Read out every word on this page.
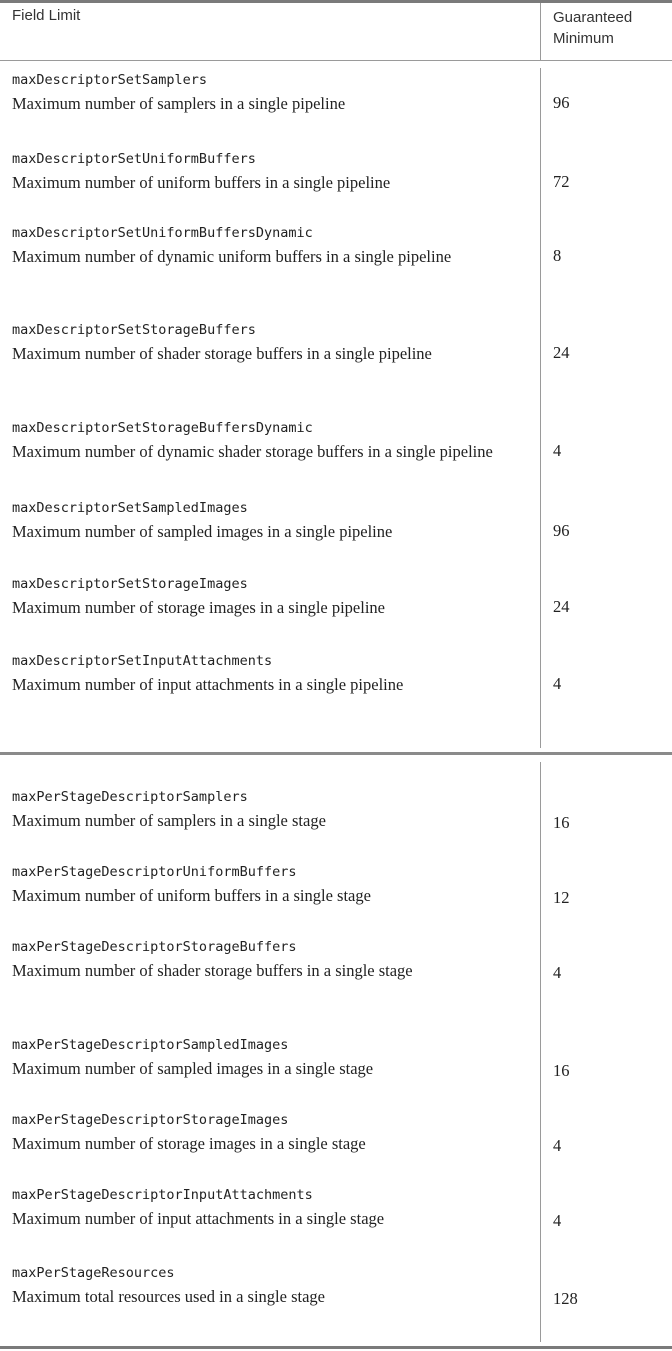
Field Limit	Guaranteed Minimum
maxDescriptorSetSamplers
Maximum number of samplers in a single pipeline	96
maxDescriptorSetUniformBuffers
Maximum number of uniform buffers in a single pipeline	72
maxDescriptorSetUniformBuffersDynamic
Maximum number of dynamic uniform buffers in a single pipeline	8
maxDescriptorSetStorageBuffers
Maximum number of shader storage buffers in a single pipeline	24
maxDescriptorSetStorageBuffersDynamic
Maximum number of dynamic shader storage buffers in a single pipeline	4
maxDescriptorSetSampledImages
Maximum number of sampled images in a single pipeline	96
maxDescriptorSetStorageImages
Maximum number of storage images in a single pipeline	24
maxDescriptorSetInputAttachments
Maximum number of input attachments in a single pipeline	4
maxPerStageDescriptorSamplers
Maximum number of samplers in a single stage	16
maxPerStageDescriptorUniformBuffers
Maximum number of uniform buffers in a single stage	12
maxPerStageDescriptorStorageBuffers
Maximum number of shader storage buffers in a single stage	4
maxPerStageDescriptorSampledImages
Maximum number of sampled images in a single stage	16
maxPerStageDescriptorStorageImages
Maximum number of storage images in a single stage	4
maxPerStageDescriptorInputAttachments
Maximum number of input attachments in a single stage	4
maxPerStageResources
Maximum total resources used in a single stage	128
